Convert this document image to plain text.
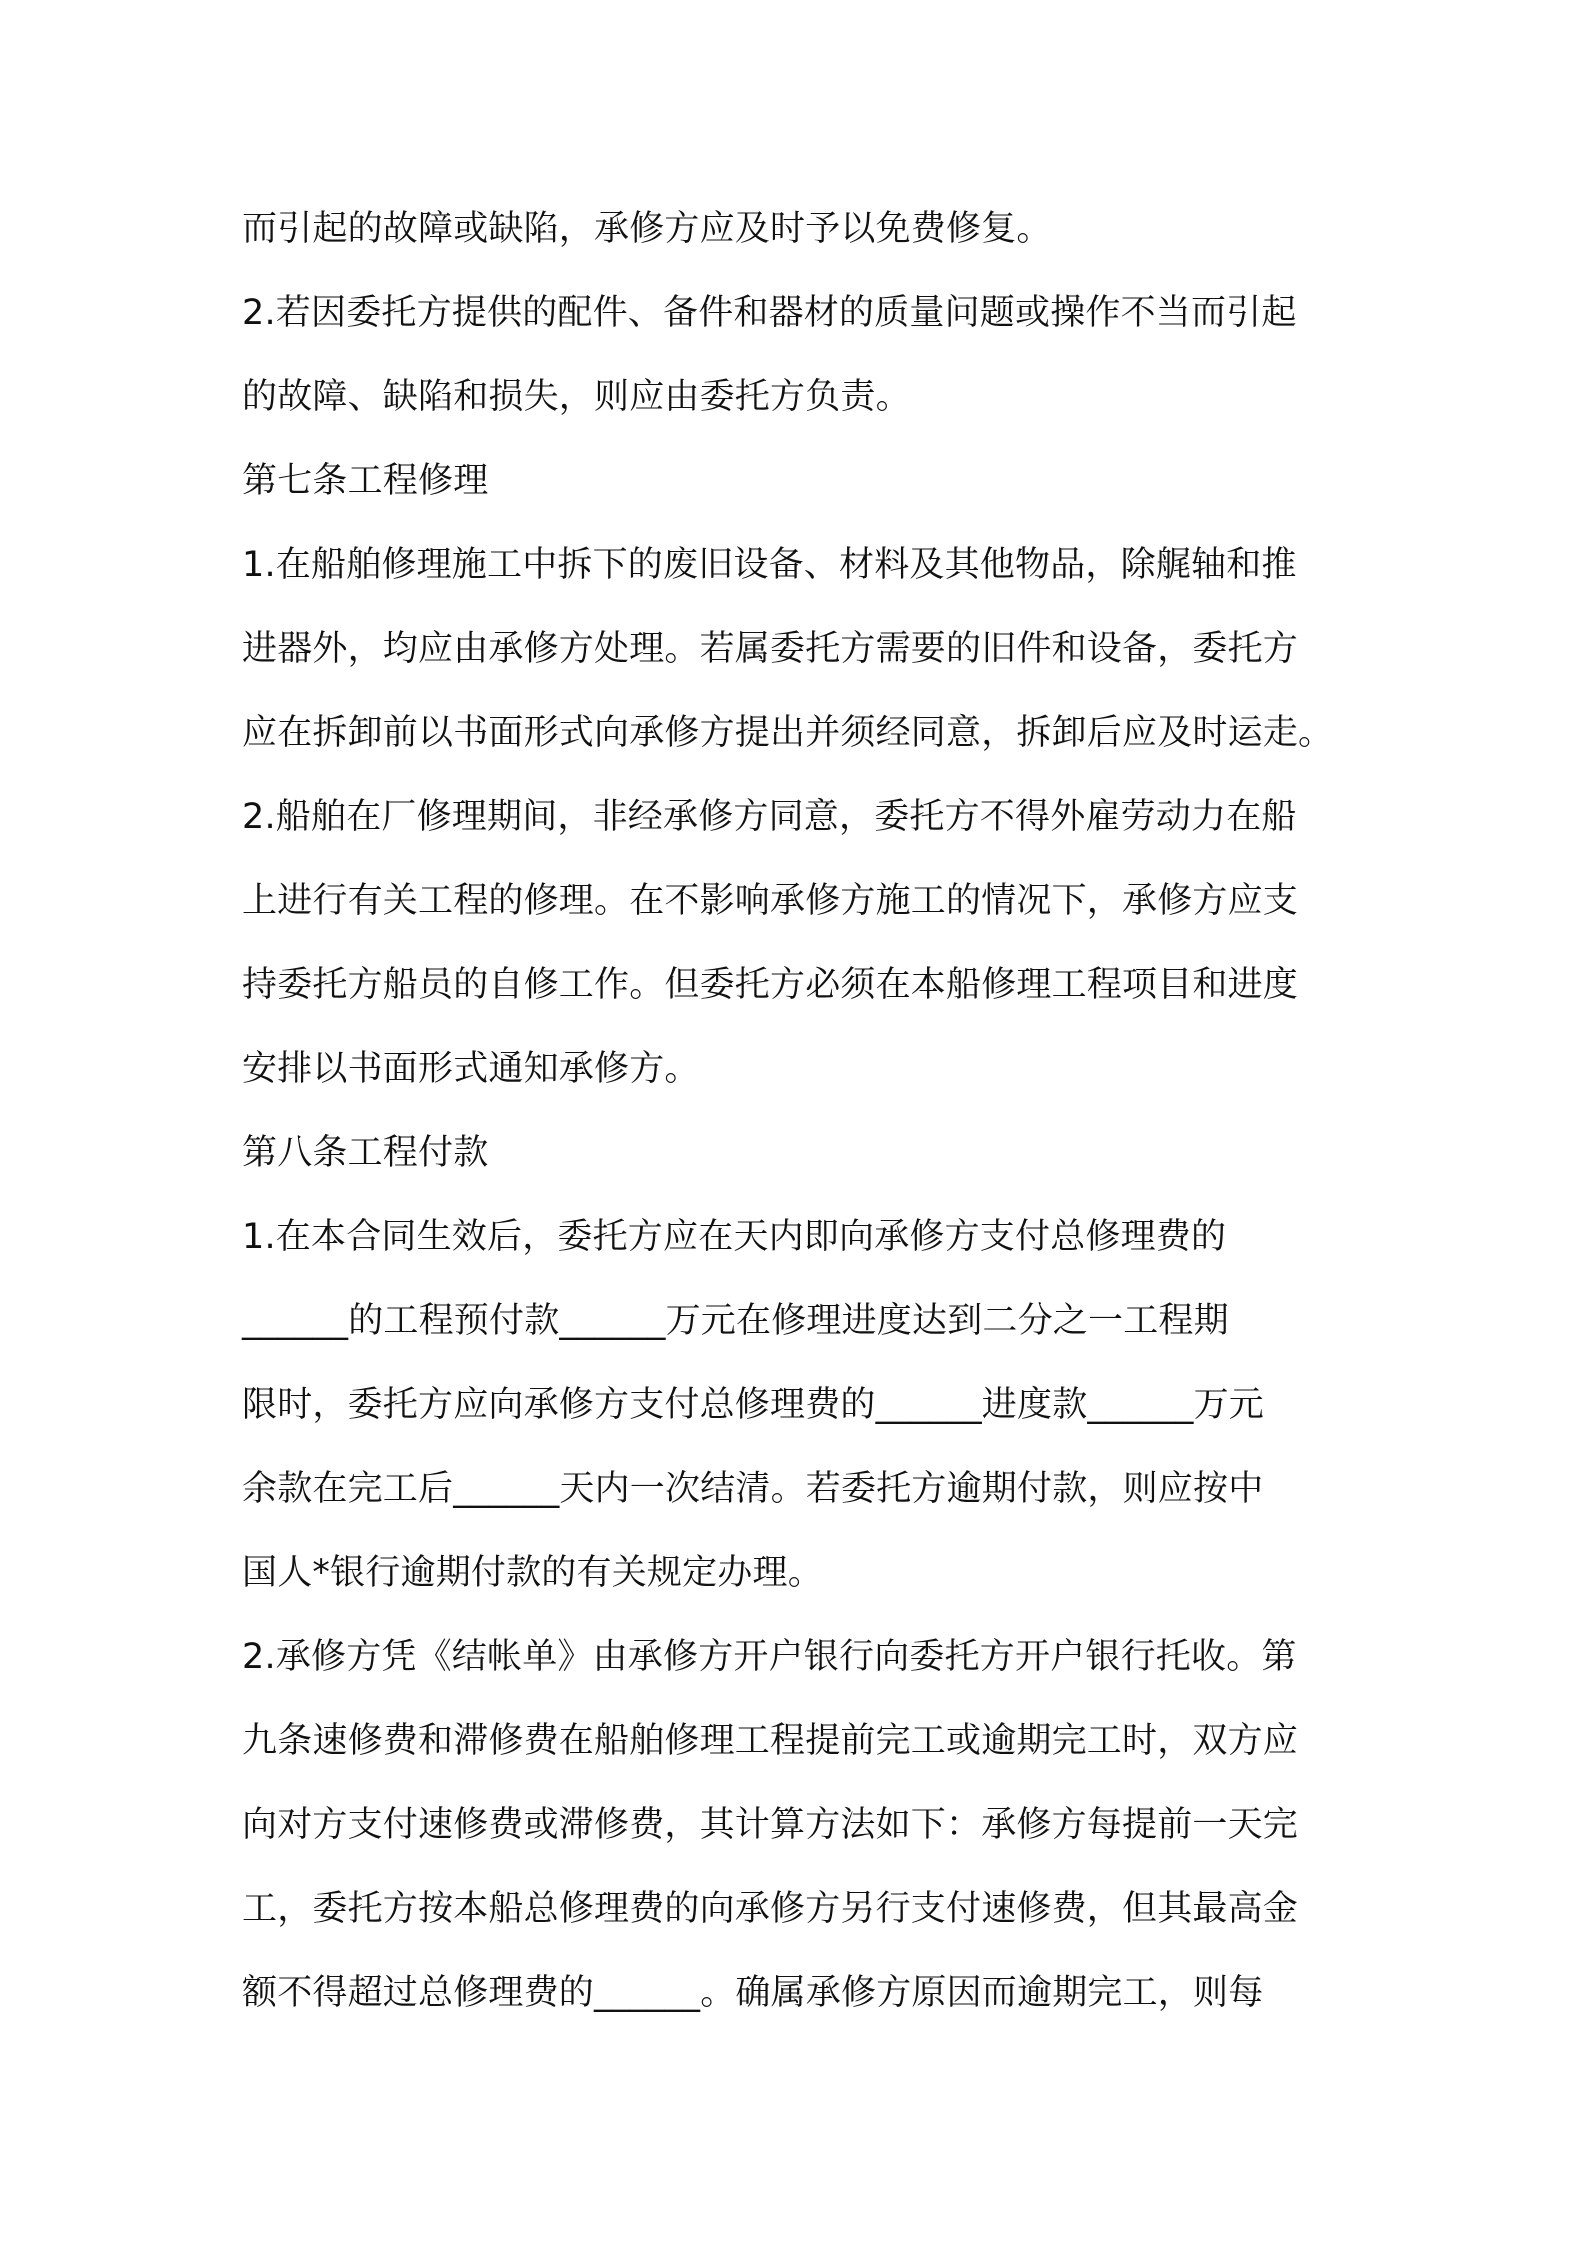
而引起的故障或缺陷，承修方应及时予以免费修复。
2.若因委托方提供的配件、备件和器材的质量问题或操作不当而引起
的故障、缺陷和损失，则应由委托方负责。
第七条工程修理
1.在船舶修理施工中拆下的废旧设备、材料及其他物品，除艉轴和推
进器外，均应由承修方处理。若属委托方需要的旧件和设备，委托方
应在拆卸前以书面形式向承修方提出并须经同意，拆卸后应及时运走。
2.船舶在厂修理期间，非经承修方同意，委托方不得外雇劳动力在船
上进行有关工程的修理。在不影响承修方施工的情况下，承修方应支
持委托方船员的自修工作。但委托方必须在本船修理工程项目和进度
安排以书面形式通知承修方。
第八条工程付款
1.在本合同生效后，委托方应在天内即向承修方支付总修理费的
______的工程预付款______万元在修理进度达到二分之一工程期
限时，委托方应向承修方支付总修理费的______进度款______万元
余款在完工后______天内一次结清。若委托方逾期付款，则应按中
国人*银行逾期付款的有关规定办理。
2.承修方凭《结帐单》由承修方开户银行向委托方开户银行托收。第
九条速修费和滞修费在船舶修理工程提前完工或逾期完工时，双方应
向对方支付速修费或滞修费，其计算方法如下：承修方每提前一天完
工，委托方按本船总修理费的向承修方另行支付速修费，但其最高金
额不得超过总修理费的______。确属承修方原因而逾期完工，则每
